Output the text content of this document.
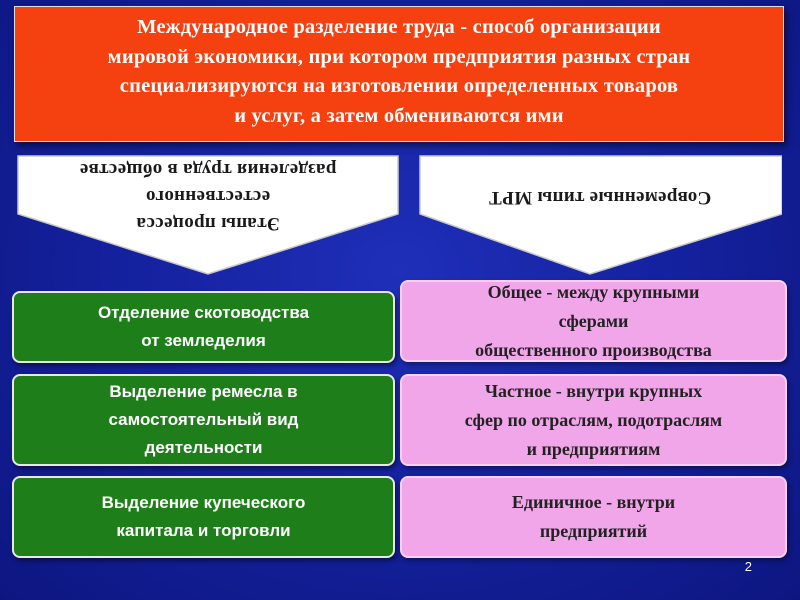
Международное разделение труда - способ организации
мировой экономики, при котором предприятия разных стран
специализируются на изготовлении определенных товаров
и услуг, а затем обмениваются ими
Этапы процесса
естественного
разделения труда в обществе
Современные типы МРТ
Отделение скотоводства
от земледелия
Выделение ремесла в
самостоятельный вид
деятельности
Выделение купеческого
капитала и торговли
Общее - между крупными
сферами
общественного производства
Частное - внутри крупных
сфер по отраслям, подотраслям
и предприятиям
Единичное - внутри
предприятий
2
